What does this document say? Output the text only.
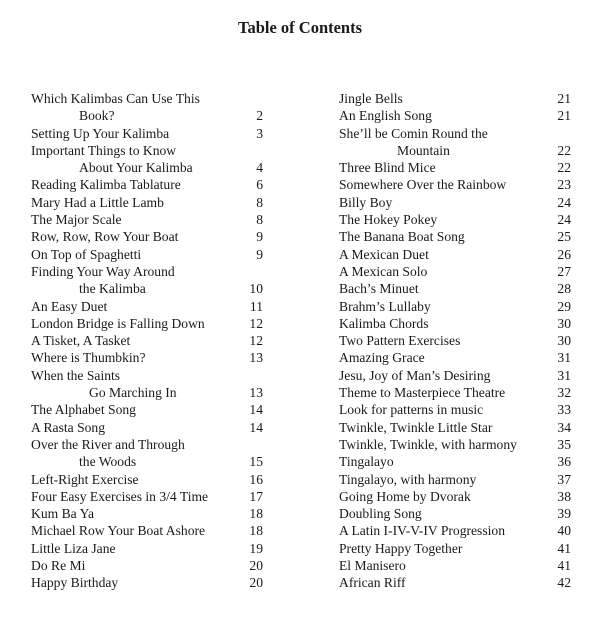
Table of Contents
Which Kalimbas Can Use This
Book?	2
Setting Up Your Kalimba	3
Important Things to Know
About Your Kalimba	4
Reading Kalimba Tablature	6
Mary Had a Little Lamb	8
The Major Scale	8
Row, Row, Row Your Boat	9
On Top of Spaghetti	9
Finding Your Way Around
the Kalimba	10
An Easy Duet	11
London Bridge is Falling Down	12
A Tisket, A Tasket	12
Where is Thumbkin?	13
When the Saints
Go Marching In	13
The Alphabet Song	14
A Rasta Song	14
Over the River and Through
the Woods	15
Left-Right Exercise	16
Four Easy Exercises in 3/4 Time	17
Kum Ba Ya	18
Michael Row Your Boat Ashore	18
Little Liza Jane	19
Do Re Mi	20
Happy Birthday	20
Jingle Bells	21
An English Song	21
She’ll be Comin Round the
Mountain	22
Three Blind Mice	22
Somewhere Over the Rainbow	23
Billy Boy	24
The Hokey Pokey	24
The Banana Boat Song	25
A Mexican Duet	26
A Mexican Solo	27
Bach’s Minuet	28
Brahm’s Lullaby	29
Kalimba Chords	30
Two Pattern Exercises	30
Amazing Grace	31
Jesu, Joy of Man’s Desiring	31
Theme to Masterpiece Theatre	32
Look for patterns in music	33
Twinkle, Twinkle Little Star	34
Twinkle, Twinkle, with harmony	35
Tingalayo	36
Tingalayo, with harmony	37
Going Home by Dvorak	38
Doubling Song	39
A Latin I-IV-V-IV Progression	40
Pretty Happy Together	41
El Manisero	41
African Riff	42
